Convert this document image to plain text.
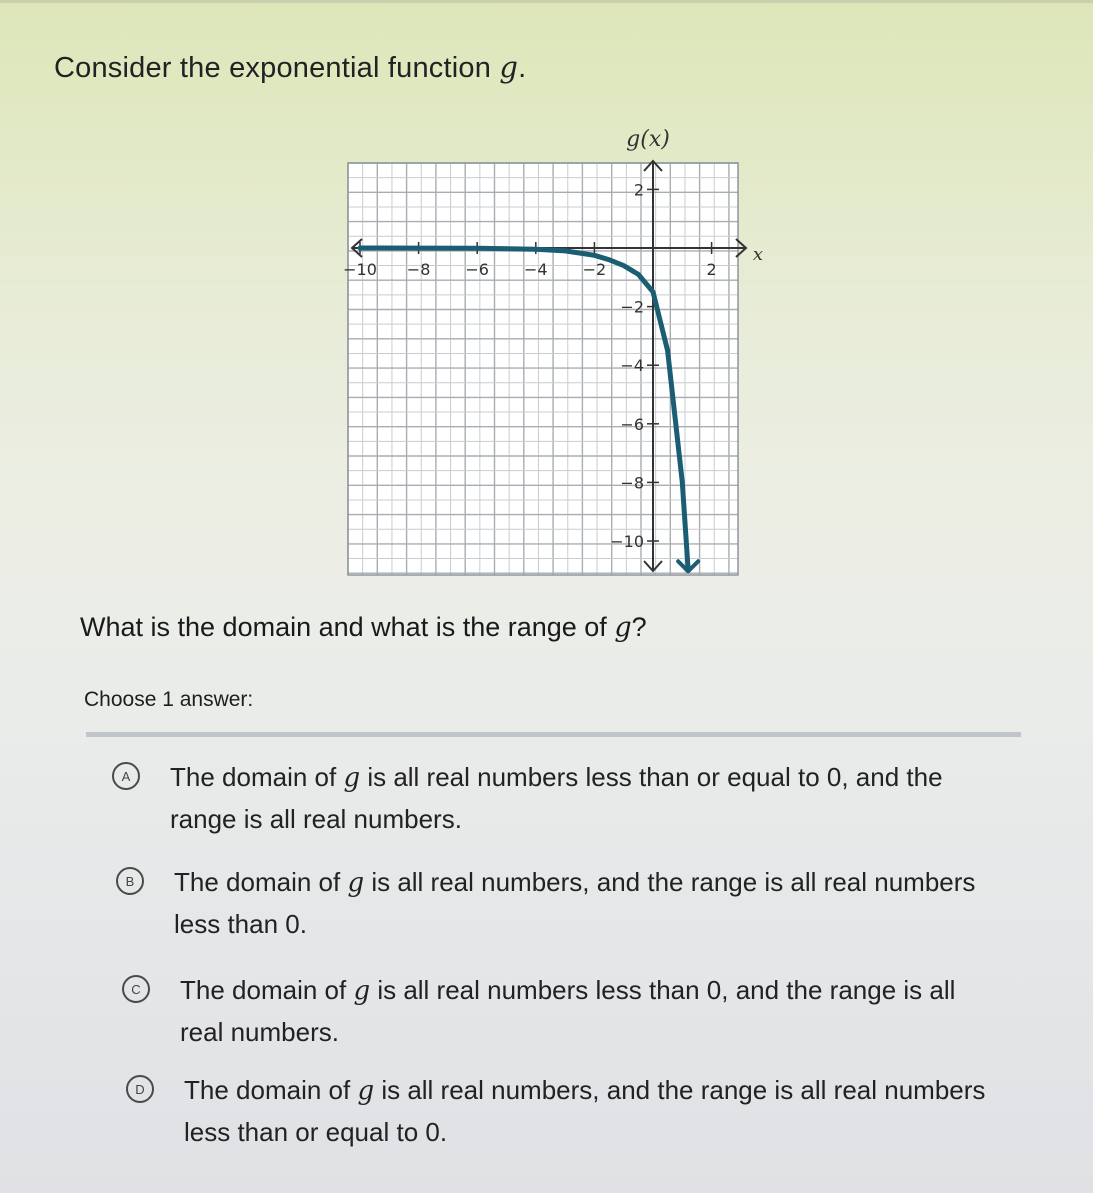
Consider the exponential function g.
−10 −8 −6 −4 −2	2
2
−2
−4
−6
−8
−10
g(x)
x
What is the domain and what is the range of g?
Choose 1 answer:
A	The domain of g is all real numbers less than or equal to 0, and the range is all real numbers.
B	The domain of g is all real numbers, and the range is all real numbers less than 0.
C	The domain of g is all real numbers less than 0, and the range is all real numbers.
D	The domain of g is all real numbers, and the range is all real numbers less than or equal to 0.
